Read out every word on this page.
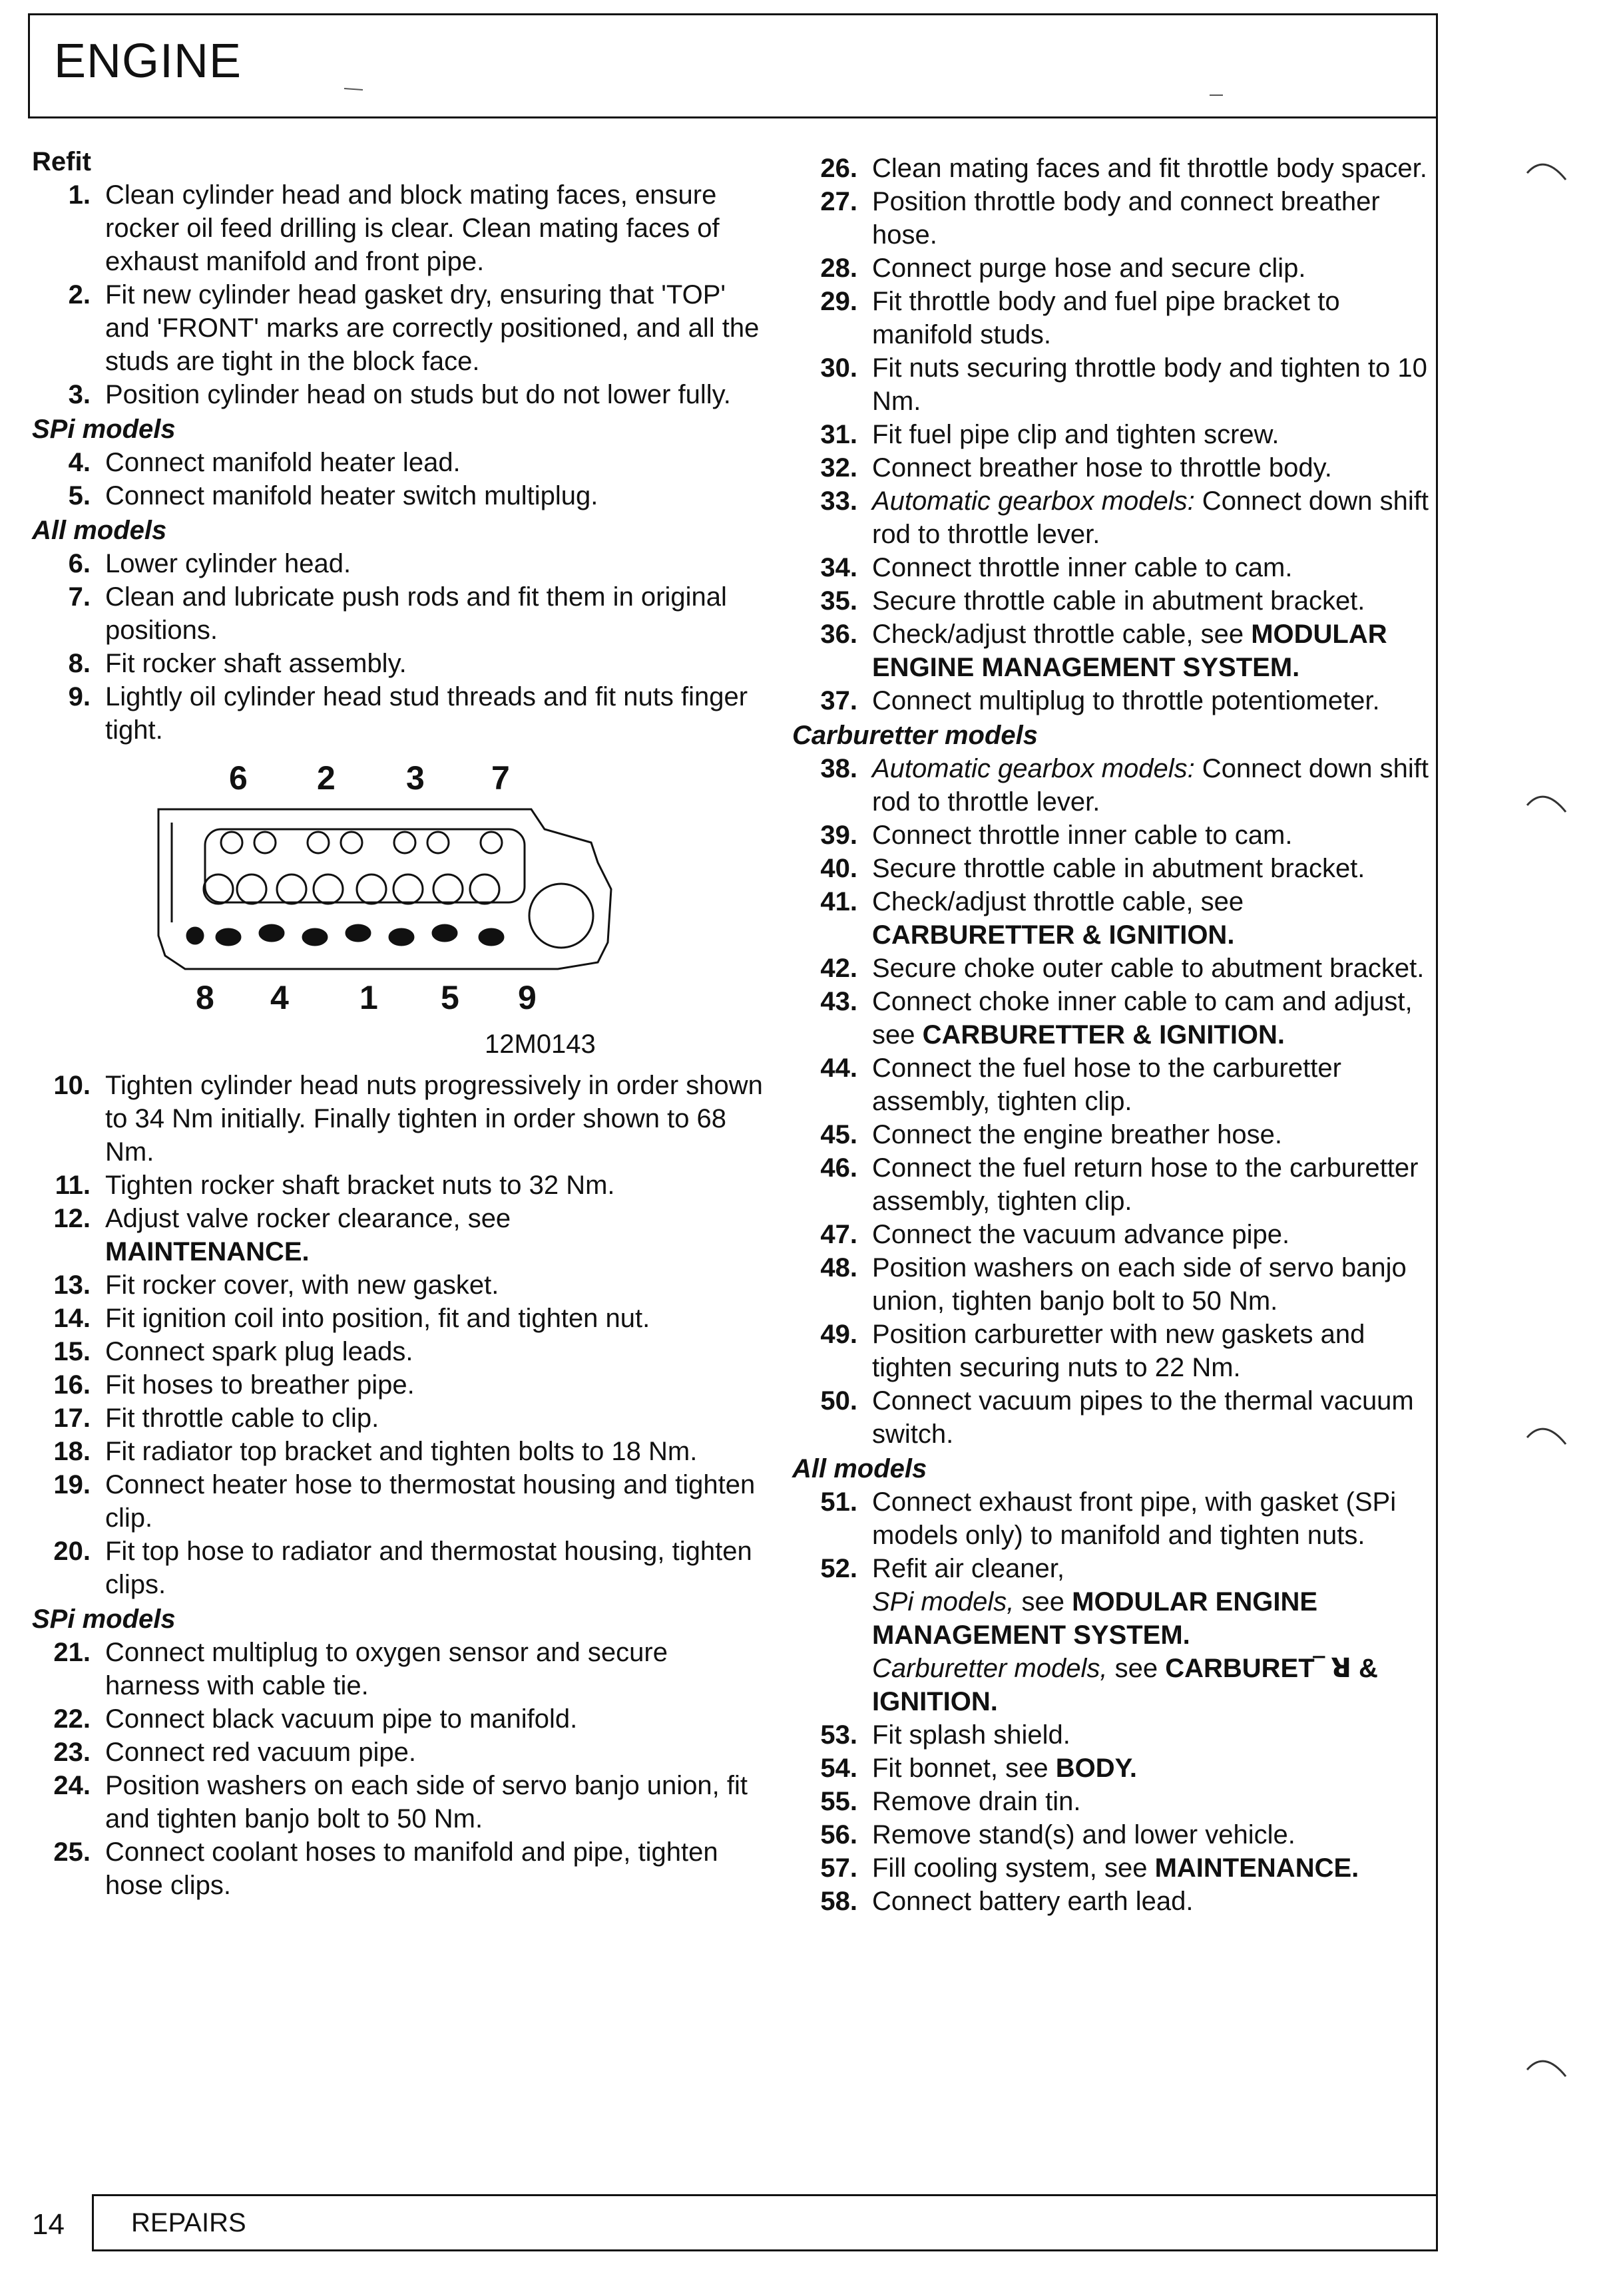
ENGINE
Refit
1. Clean cylinder head and block mating faces, ensure rocker oil feed drilling is clear. Clean mating faces of exhaust manifold and front pipe.
2. Fit new cylinder head gasket dry, ensuring that 'TOP' and 'FRONT' marks are correctly positioned, and all the studs are tight in the block face.
3. Position cylinder head on studs but do not lower fully.
SPi models
4. Connect manifold heater lead.
5. Connect manifold heater switch multiplug.
All models
6. Lower cylinder head.
7. Clean and lubricate push rods and fit them in original positions.
8. Fit rocker shaft assembly.
9. Lightly oil cylinder head stud threads and fit nuts finger tight.
6 2 3 7
8 4 1 5 9
12M0143
10. Tighten cylinder head nuts progressively in order shown to 34 Nm initially. Finally tighten in order shown to 68 Nm.
11. Tighten rocker shaft bracket nuts to 32 Nm.
12. Adjust valve rocker clearance, see
MAINTENANCE.
13. Fit rocker cover, with new gasket.
14. Fit ignition coil into position, fit and tighten nut.
15. Connect spark plug leads.
16. Fit hoses to breather pipe.
17. Fit throttle cable to clip.
18. Fit radiator top bracket and tighten bolts to 18 Nm.
19. Connect heater hose to thermostat housing and tighten clip.
20. Fit top hose to radiator and thermostat housing, tighten clips.
SPi models
21. Connect multiplug to oxygen sensor and secure harness with cable tie.
22. Connect black vacuum pipe to manifold.
23. Connect red vacuum pipe.
24. Position washers on each side of servo banjo union, fit and tighten banjo bolt to 50 Nm.
25. Connect coolant hoses to manifold and pipe, tighten hose clips.
26. Clean mating faces and fit throttle body spacer.
27. Position throttle body and connect breather hose.
28. Connect purge hose and secure clip.
29. Fit throttle body and fuel pipe bracket to manifold studs.
30. Fit nuts securing throttle body and tighten to 10 Nm.
31. Fit fuel pipe clip and tighten screw.
32. Connect breather hose to throttle body.
33. Automatic gearbox models: Connect down shift rod to throttle lever.
34. Connect throttle inner cable to cam.
35. Secure throttle cable in abutment bracket.
36. Check/adjust throttle cable, see MODULAR ENGINE MANAGEMENT SYSTEM.
37. Connect multiplug to throttle potentiometer.
Carburetter models
38. Automatic gearbox models: Connect down shift rod to throttle lever.
39. Connect throttle inner cable to cam.
40. Secure throttle cable in abutment bracket.
41. Check/adjust throttle cable, see
CARBURETTER & IGNITION.
42. Secure choke outer cable to abutment bracket.
43. Connect choke inner cable to cam and adjust, see CARBURETTER & IGNITION.
44. Connect the fuel hose to the carburetter assembly, tighten clip.
45. Connect the engine breather hose.
46. Connect the fuel return hose to the carburetter assembly, tighten clip.
47. Connect the vacuum advance pipe.
48. Position washers on each side of servo banjo union, tighten banjo bolt to 50 Nm.
49. Position carburetter with new gaskets and tighten securing nuts to 22 Nm.
50. Connect vacuum pipes to the thermal vacuum switch.
All models
51. Connect exhaust front pipe, with gasket (SPi models only) to manifold and tighten nuts.
52. Refit air cleaner,
SPi models, see MODULAR ENGINE MANAGEMENT SYSTEM.
Carburetter models, see CARBURET‾ ꓤ & IGNITION.
53. Fit splash shield.
54. Fit bonnet, see BODY.
55. Remove drain tin.
56. Remove stand(s) and lower vehicle.
57. Fill cooling system, see MAINTENANCE.
58. Connect battery earth lead.
14	REPAIRS
